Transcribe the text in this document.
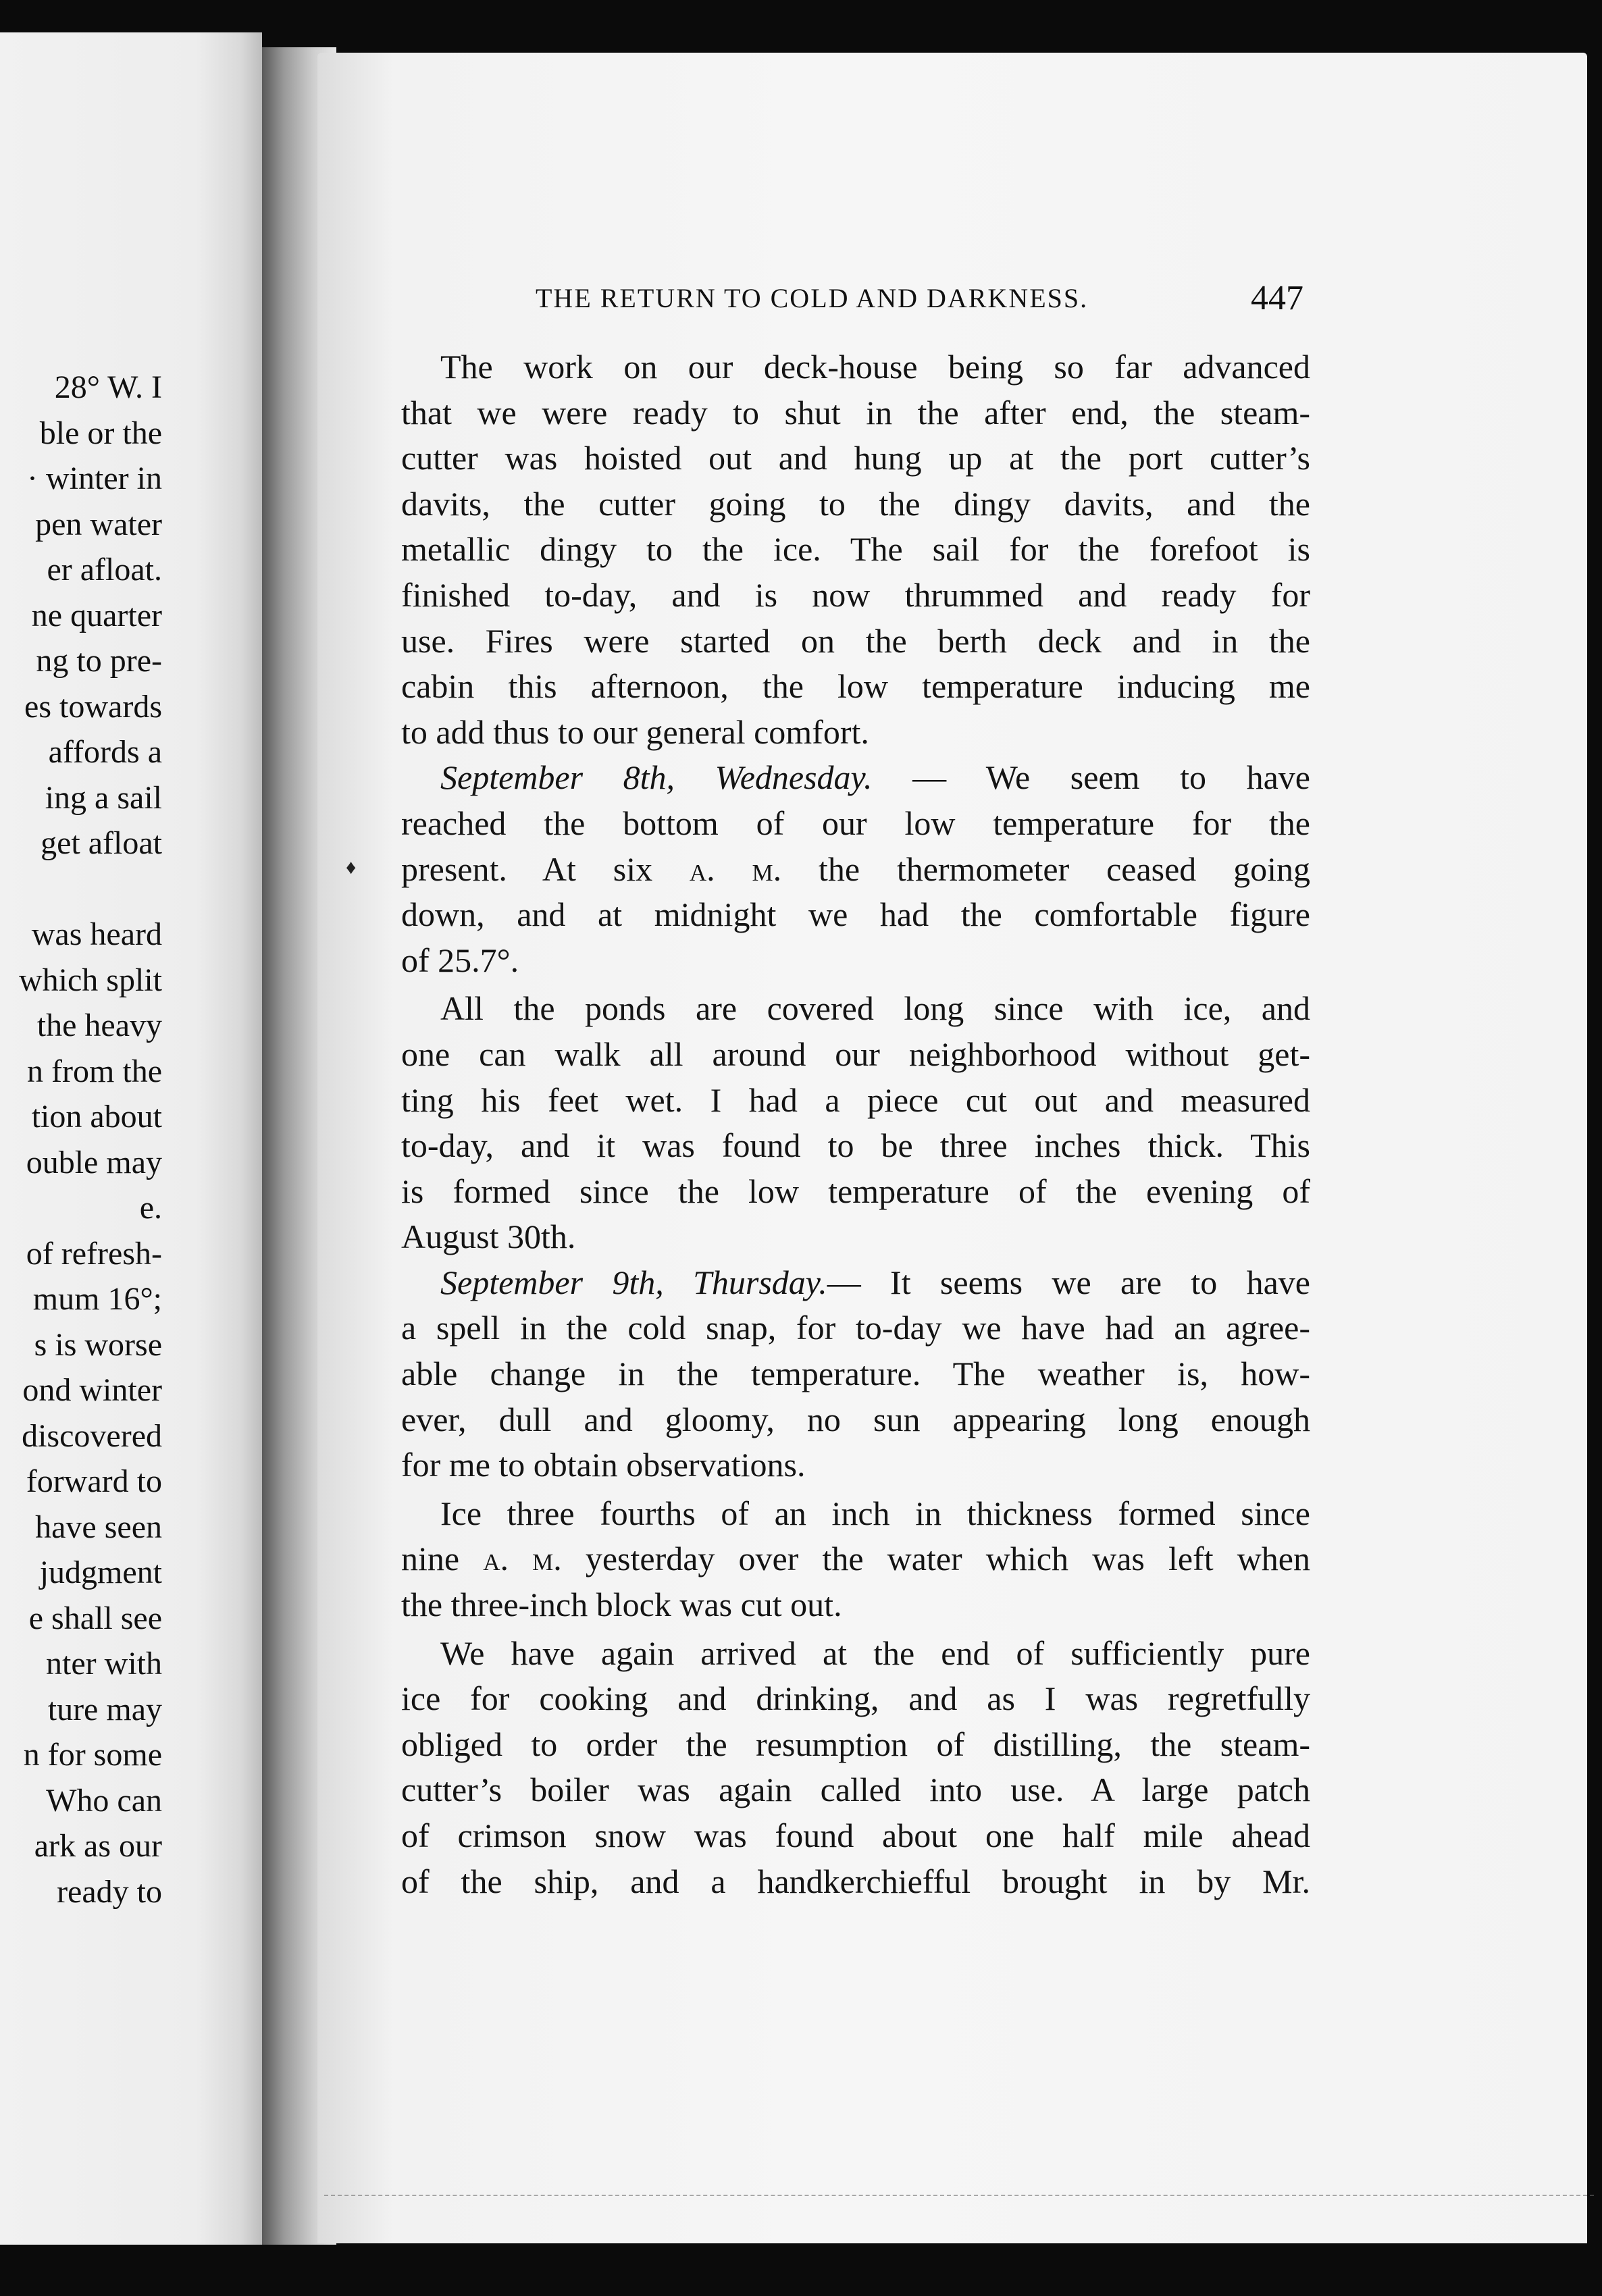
28° W. I
ble or the
· winter in
pen water
er afloat.
ne quarter
ng to pre-
es towards
affords a
ing a sail
get afloat
was heard
which split
the heavy
n from the
tion about
ouble may
e.
of refresh-
mum 16°;
s is worse
ond winter
discovered
forward to
have seen
judgment
e shall see
nter with
ture may
n for some
Who can
ark as our
ready to
THE RETURN TO COLD AND DARKNESS.	447
♦
The work on our deck-house being so far advanced
that we were ready to shut in the after end, the steam-
cutter was hoisted out and hung up at the port cutter’s
davits, the cutter going to the dingy davits, and the
metallic dingy to the ice. The sail for the forefoot is
finished to-day, and is now thrummed and ready for
use. Fires were started on the berth deck and in the
cabin this afternoon, the low temperature inducing me
to add thus to our general comfort.
September 8th, Wednesday. — We seem to have
reached the bottom of our low temperature for the
present. At six a. m. the thermometer ceased going
down, and at midnight we had the comfortable figure
of 25.7°.
All the ponds are covered long since with ice, and
one can walk all around our neighborhood without get-
ting his feet wet. I had a piece cut out and measured
to-day, and it was found to be three inches thick. This
is formed since the low temperature of the evening of
August 30th.
September 9th, Thursday.— It seems we are to have
a spell in the cold snap, for to-day we have had an agree-
able change in the temperature. The weather is, how-
ever, dull and gloomy, no sun appearing long enough
for me to obtain observations.
Ice three fourths of an inch in thickness formed since
nine a. m. yesterday over the water which was left when
the three-inch block was cut out.
We have again arrived at the end of sufficiently pure
ice for cooking and drinking, and as I was regretfully
obliged to order the resumption of distilling, the steam-
cutter’s boiler was again called into use. A large patch
of crimson snow was found about one half mile ahead
of the ship, and a handkerchiefful brought in by Mr.
